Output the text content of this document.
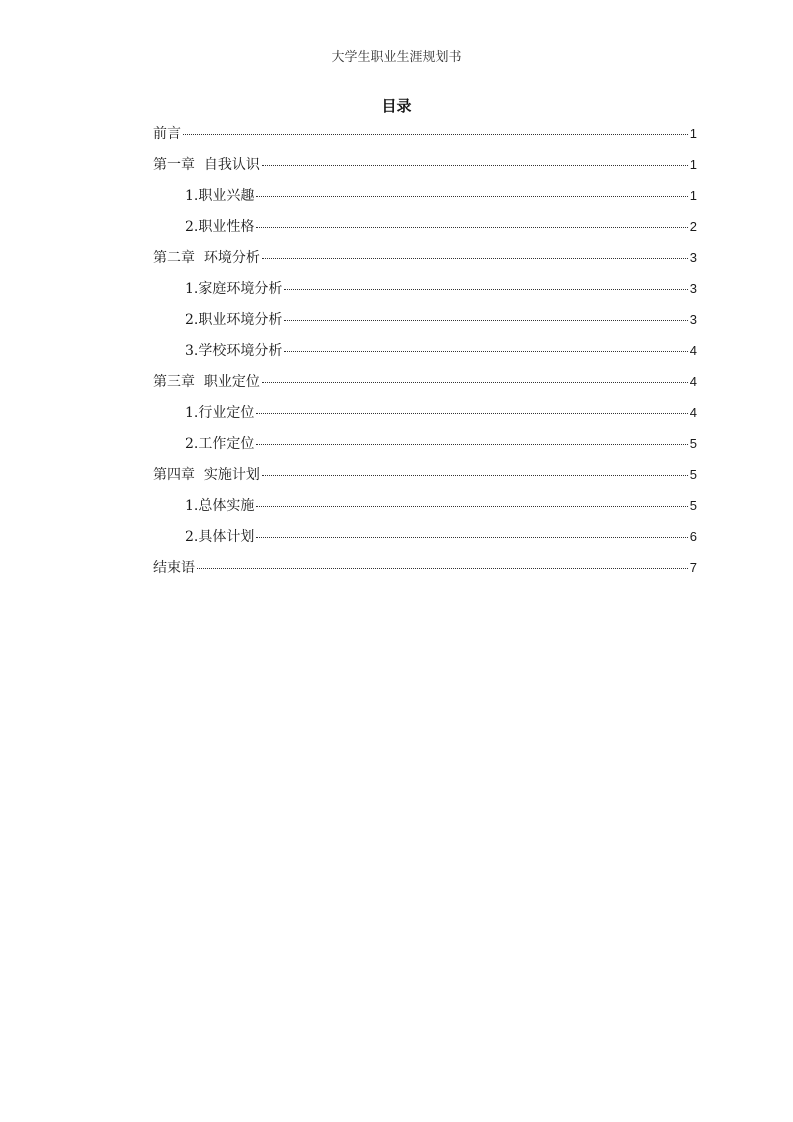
大学生职业生涯规划书
目录
前言	1
第一章  自我认识	1
1.职业兴趣	1
2.职业性格	2
第二章  环境分析	3
1.家庭环境分析	3
2.职业环境分析	3
3.学校环境分析	4
第三章  职业定位	4
1.行业定位	4
2.工作定位	5
第四章  实施计划	5
1.总体实施	5
2.具体计划	6
结束语	7
